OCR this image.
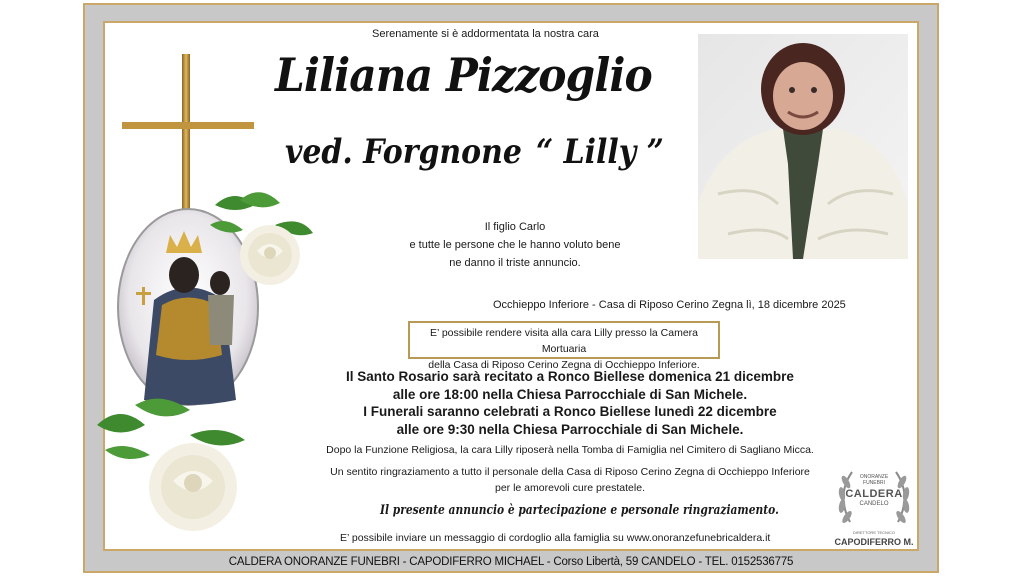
Serenamente si è addormentata la nostra cara
Liliana Pizzoglio
ved. Forgnone “ Lilly ”
Il figlio Carlo
e tutte le persone che le hanno voluto bene
ne danno il triste annuncio.
Occhieppo Inferiore - Casa di Riposo Cerino Zegna lì, 18 dicembre 2025
E’ possibile rendere visita alla cara Lilly presso la Camera Mortuaria
della Casa di Riposo Cerino Zegna di Occhieppo Inferiore.
Il Santo Rosario sarà recitato a Ronco Biellese domenica 21 dicembre
alle ore 18:00 nella Chiesa Parrocchiale di San Michele.
I Funerali saranno celebrati a Ronco Biellese lunedì 22 dicembre
alle ore 9:30 nella Chiesa Parrocchiale di San Michele.
Dopo la Funzione Religiosa, la cara Lilly riposerà nella Tomba di Famiglia nel Cimitero di Sagliano Micca.
Un sentito ringraziamento a tutto il personale della Casa di Riposo Cerino Zegna di Occhieppo Inferiore
per le amorevoli cure prestatele.
Il presente annuncio è partecipazione e personale ringraziamento.
E’ possibile inviare un messaggio di cordoglio alla famiglia su www.onoranzefunebricaldera.it
ONORANZE
FUNEBRI
CALDERA
CANDELO
DIRETTORE TECNICO
CAPODIFERRO M.
CALDERA ONORANZE FUNEBRI - CAPODIFERRO MICHAEL - Corso Libertà, 59 CANDELO - TEL. 0152536775
